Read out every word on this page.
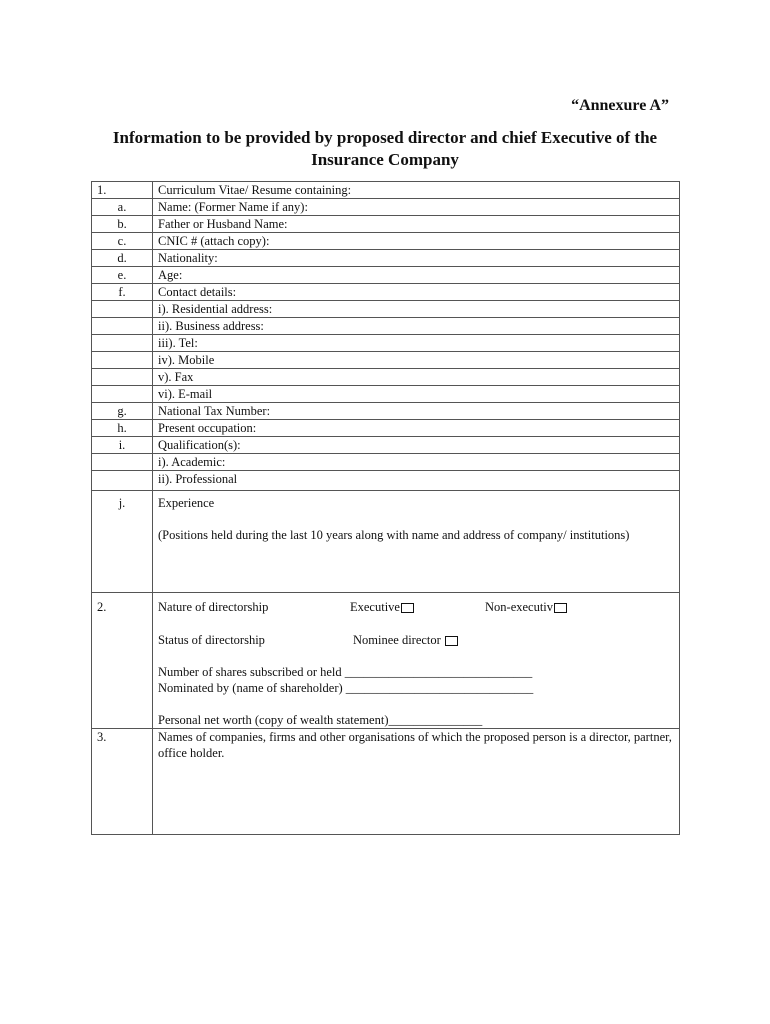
“Annexure A”
Information to be provided by proposed director and chief Executive of the
Insurance Company
1.	Curriculum Vitae/ Resume containing:
a.	Name: (Former Name if any):
b.	Father or Husband Name:
c.	CNIC # (attach copy):
d.	Nationality:
e.	Age:
f.	Contact details:
	i). Residential address:
	ii). Business address:
	iii). Tel:
	iv). Mobile
	v). Fax
	vi). E-mail
g.	National Tax Number:
h.	Present occupation:
i.	Qualification(s):
	i). Academic:
	ii). Professional
j.	Experience
(Positions held during the last 10 years along with name and address of company/ institutions)

2.	Nature of directorship Executive Non-executiv
Status of directorship Nominee director
Number of shares subscribed or held ______________________________
Nominated by (name of shareholder) ______________________________
Personal net worth (copy of wealth statement)_______________

3.	Names of companies, firms and other organisations of which the proposed person is a director, partner, office holder.
